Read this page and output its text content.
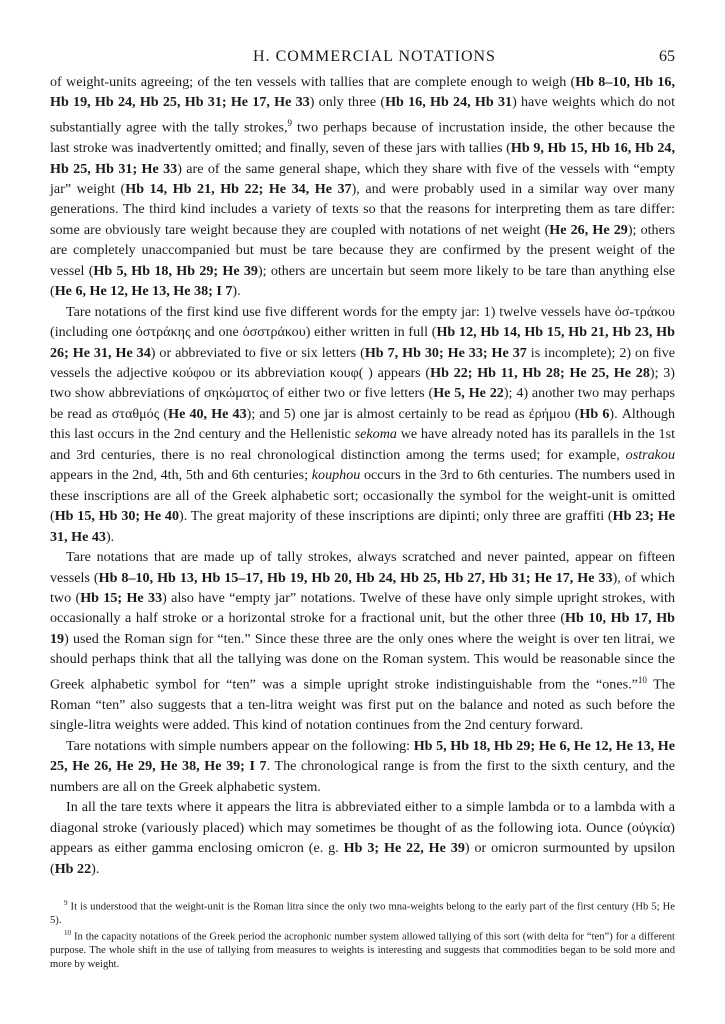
H. COMMERCIAL NOTATIONS	65

of weight-units agreeing; of the ten vessels with tallies that are complete enough to weigh (Hb 8–10, Hb 16, Hb 19, Hb 24, Hb 25, Hb 31; He 17, He 33) only three (Hb 16, Hb 24, Hb 31) have weights which do not substantially agree with the tally strokes,$^9$ two perhaps because of incrustation inside, the other because the last stroke was inadvertently omitted; and finally, seven of these jars with tallies (Hb 9, Hb 15, Hb 16, Hb 24, Hb 25, Hb 31; He 33) are of the same general shape, which they share with five of the vessels with “empty jar” weight (Hb 14, Hb 21, Hb 22; He 34, He 37), and were probably used in a similar way over many generations. The third kind includes a variety of texts so that the reasons for interpreting them as tare differ: some are obviously tare weight because they are coupled with notations of net weight (He 26, He 29); others are completely unaccompanied but must be tare because they are confirmed by the present weight of the vessel (Hb 5, Hb 18, Hb 29; He 39); others are uncertain but seem more likely to be tare than anything else (He 6, He 12, He 13, He 38; I 7).

Tare notations of the first kind use five different words for the empty jar: 1) twelve vessels have ὀσ-τράκου (including one ὀστράκης and one ὀσστράκου) either written in full (Hb 12, Hb 14, Hb 15, Hb 21, Hb 23, Hb 26; He 31, He 34) or abbreviated to five or six letters (Hb 7, Hb 30; He 33; He 37 is incomplete); 2) on five vessels the adjective κούφου or its abbreviation κουφ( ) appears (Hb 22; Hb 11, Hb 28; He 25, He 28); 3) two show abbreviations of σηκώματος of either two or five letters (He 5, He 22); 4) another two may perhaps be read as σταθμός (He 40, He 43); and 5) one jar is almost certainly to be read as ἐρήμου (Hb 6). Although this last occurs in the 2nd century and the Hellenistic sekoma we have already noted has its parallels in the 1st and 3rd centuries, there is no real chronological distinction among the terms used; for example, ostrakou appears in the 2nd, 4th, 5th and 6th centuries; kouphou occurs in the 3rd to 6th centuries. The numbers used in these inscriptions are all of the Greek alphabetic sort; occasionally the symbol for the weight-unit is omitted (Hb 15, Hb 30; He 40). The great majority of these inscriptions are dipinti; only three are graffiti (Hb 23; He 31, He 43).

Tare notations that are made up of tally strokes, always scratched and never painted, appear on fifteen vessels (Hb 8–10, Hb 13, Hb 15–17, Hb 19, Hb 20, Hb 24, Hb 25, Hb 27, Hb 31; He 17, He 33), of which two (Hb 15; He 33) also have “empty jar” notations. Twelve of these have only simple upright strokes, with occasionally a half stroke or a horizontal stroke for a fractional unit, but the other three (Hb 10, Hb 17, Hb 19) used the Roman sign for “ten.” Since these three are the only ones where the weight is over ten litrai, we should perhaps think that all the tallying was done on the Roman system. This would be reasonable since the Greek alphabetic symbol for “ten” was a simple upright stroke indistinguishable from the “ones.”$^{10}$ The Roman “ten” also suggests that a ten-litra weight was first put on the balance and noted as such before the single-litra weights were added. This kind of notation continues from the 2nd century forward.

Tare notations with simple numbers appear on the following: Hb 5, Hb 18, Hb 29; He 6, He 12, He 13, He 25, He 26, He 29, He 38, He 39; I 7. The chronological range is from the first to the sixth century, and the numbers are all on the Greek alphabetic system.

In all the tare texts where it appears the litra is abbreviated either to a simple lambda or to a lambda with a diagonal stroke (variously placed) which may sometimes be thought of as the following iota. Ounce (οὐγκία) appears as either gamma enclosing omicron (e. g. Hb 3; He 22, He 39) or omicron surmounted by upsilon (Hb 22).

$^9$ It is understood that the weight-unit is the Roman litra since the only two mna-weights belong to the early part of the first century (Hb 5; He 5).

$^{10}$ In the capacity notations of the Greek period the acrophonic number system allowed tallying of this sort (with delta for “ten”) for a different purpose. The whole shift in the use of tallying from measures to weights is interesting and suggests that commodities began to be sold more and more by weight.
